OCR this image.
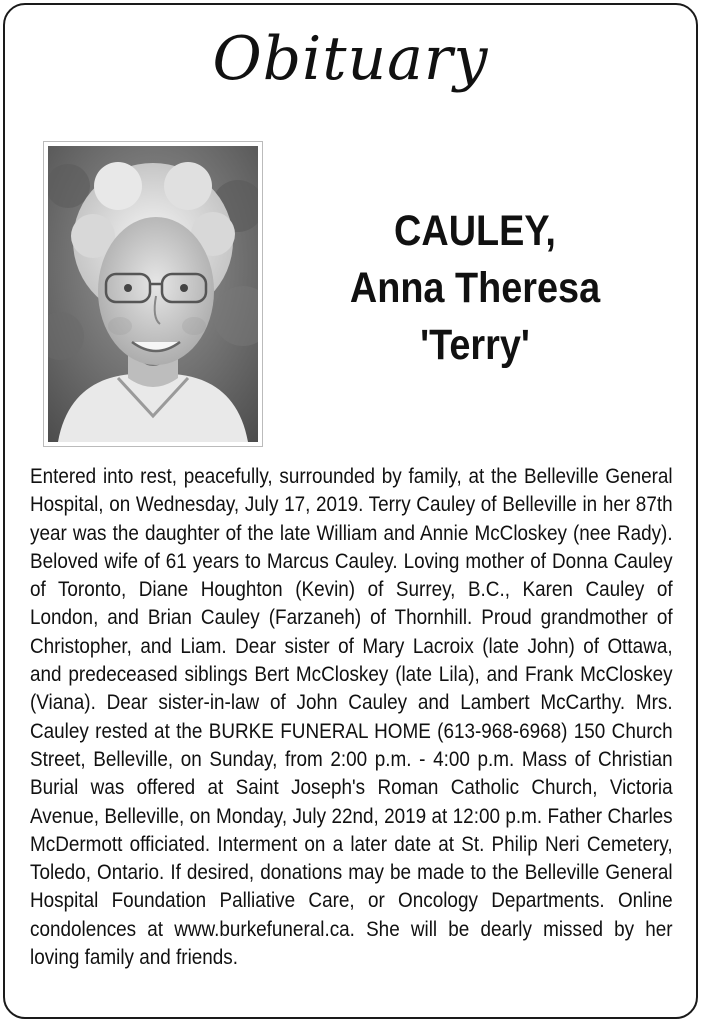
Obituary
CAULEY,
Anna Theresa
'Terry'
Entered into rest, peacefully, surrounded by family, at the Belleville General Hospital, on Wednesday, July 17, 2019. Terry Cauley of Belleville in her 87th year was the daughter of the late William and Annie McCloskey (nee Rady). Beloved wife of 61 years to Marcus Cauley. Loving mother of Donna Cauley of Toronto, Diane Houghton (Kevin) of Surrey, B.C., Karen Cauley of London, and Brian Cauley (Farzaneh) of Thornhill. Proud grandmother of Christopher, and Liam. Dear sister of Mary Lacroix (late John) of Ottawa, and predeceased siblings Bert McCloskey (late Lila), and Frank McCloskey (Viana). Dear sister-in-law of John Cauley and Lambert McCarthy. Mrs. Cauley rested at the BURKE FUNERAL HOME (613-968-6968) 150 Church Street, Belleville, on Sunday, from 2:00 p.m. - 4:00 p.m. Mass of Christian Burial was offered at Saint Joseph's Roman Catholic Church, Victoria Avenue, Belleville, on Monday, July 22nd, 2019 at 12:00 p.m. Father Charles McDermott officiated. Interment on a later date at St. Philip Neri Cemetery, Toledo, Ontario. If desired, donations may be made to the Belleville General Hospital Foundation Palliative Care, or Oncology Departments. Online condolences at www.burkefuneral.ca. She will be dearly missed by her loving family and friends.
